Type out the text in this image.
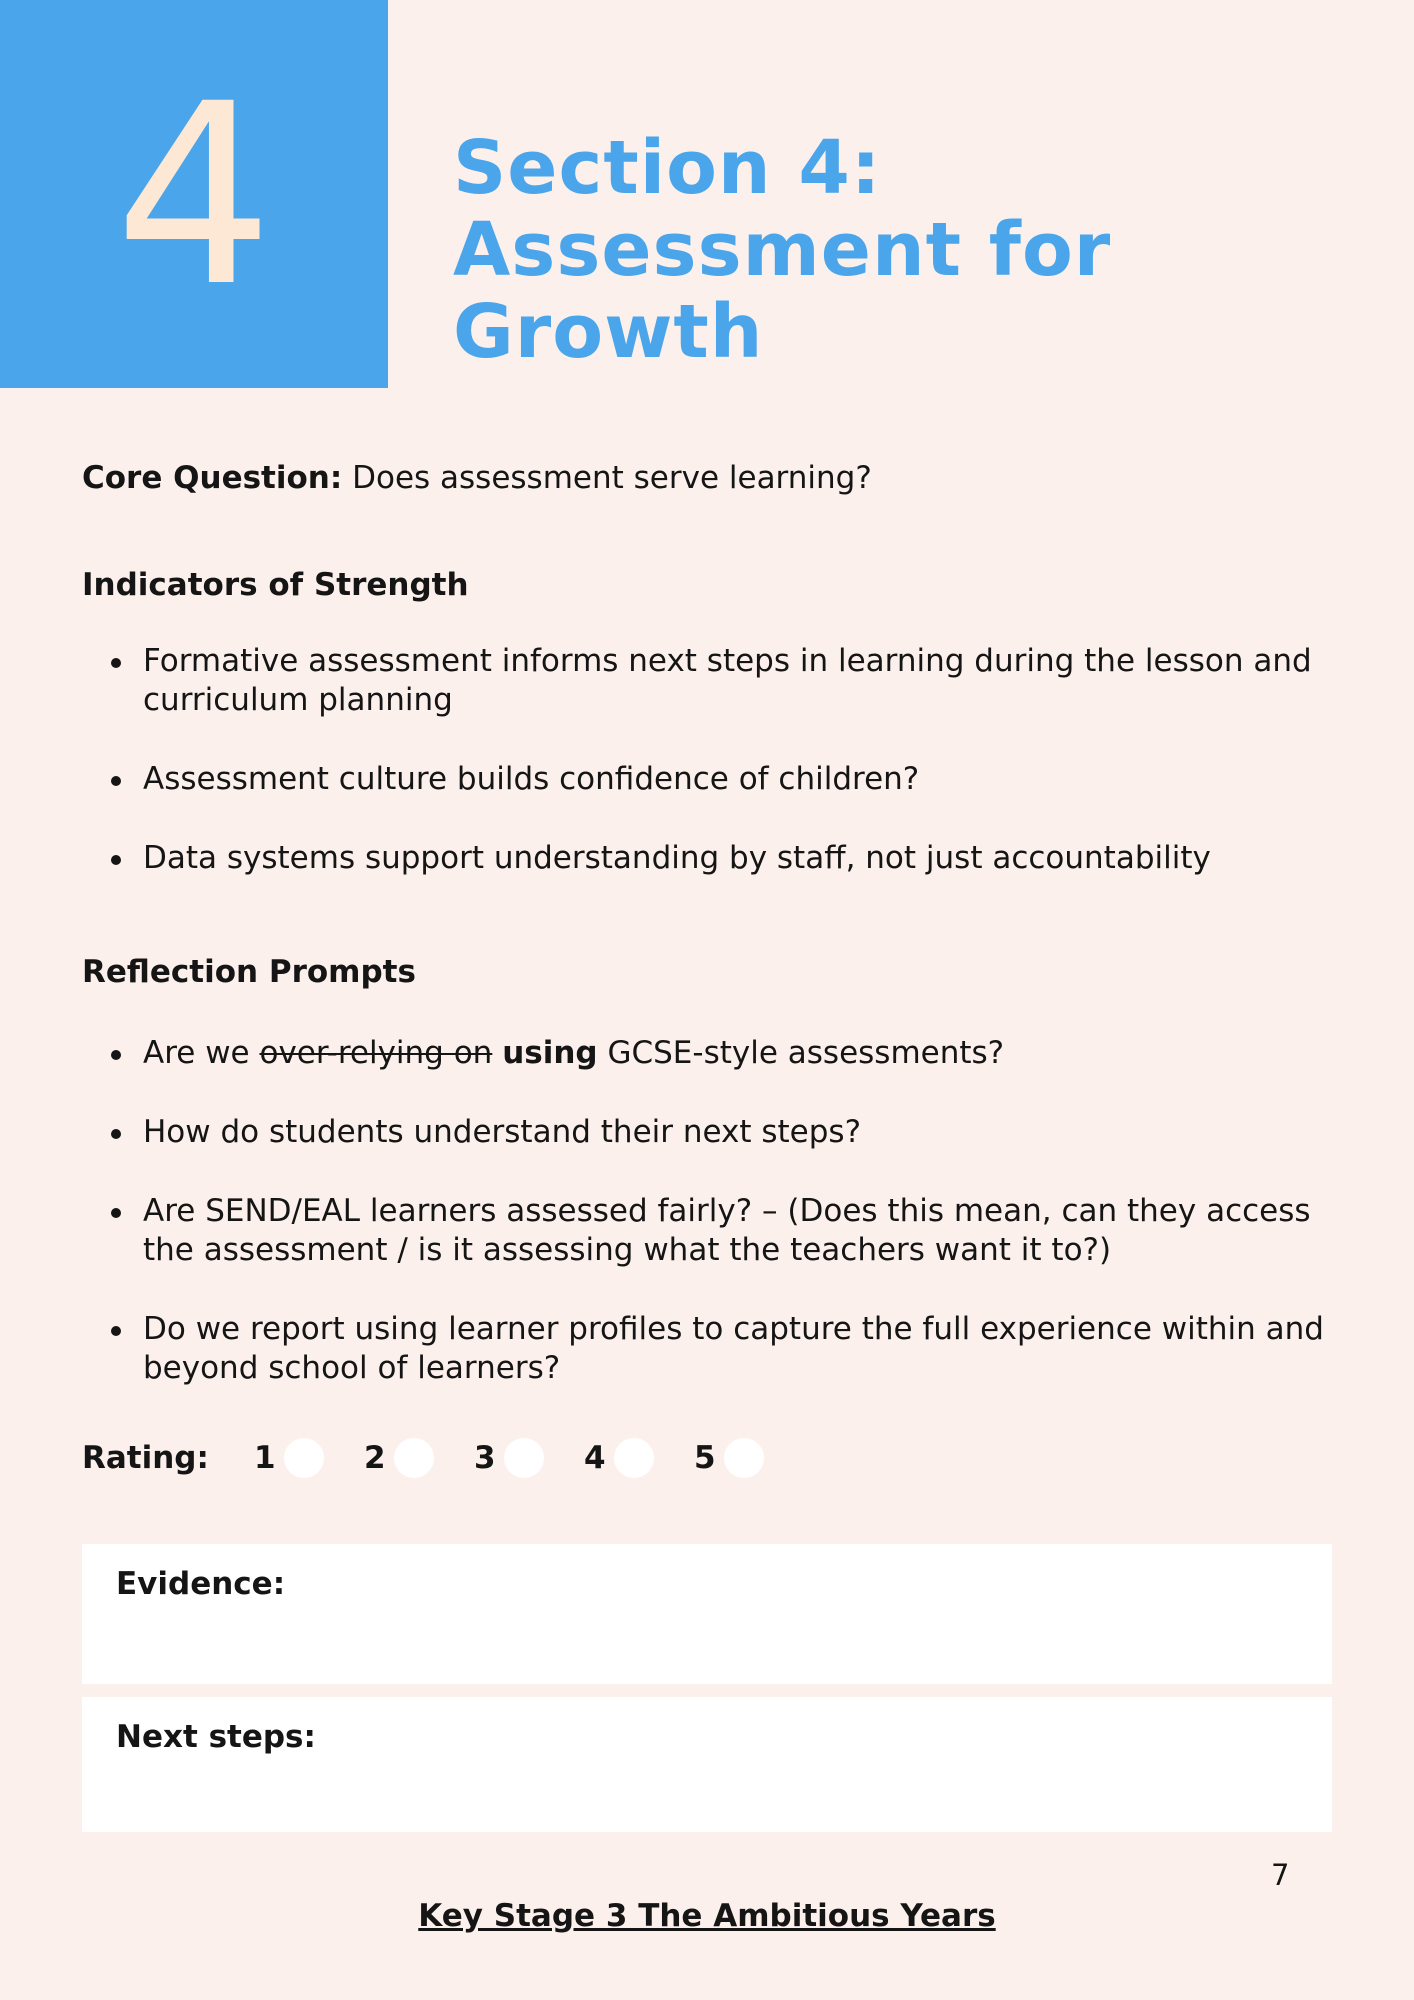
4 Section 4:
Assessment for
Growth

Core Question: Does assessment serve learning?

Indicators of Strength
Formative assessment informs next steps in learning during the lesson and curriculum planning
Assessment culture builds confidence of children?
Data systems support understanding by staff, not just accountability
Reflection Prompts
Are we over-relying on using GCSE-style assessments?
How do students understand their next steps?
Are SEND/EAL learners assessed fairly? – (Does this mean, can they access the assessment / is it assessing what the teachers want it to?)
Do we report using learner profiles to capture the full experience within and beyond school of learners?
Rating:	1	2	3	4	5
Evidence:
Next steps:
7
Key Stage 3 The Ambitious Years
